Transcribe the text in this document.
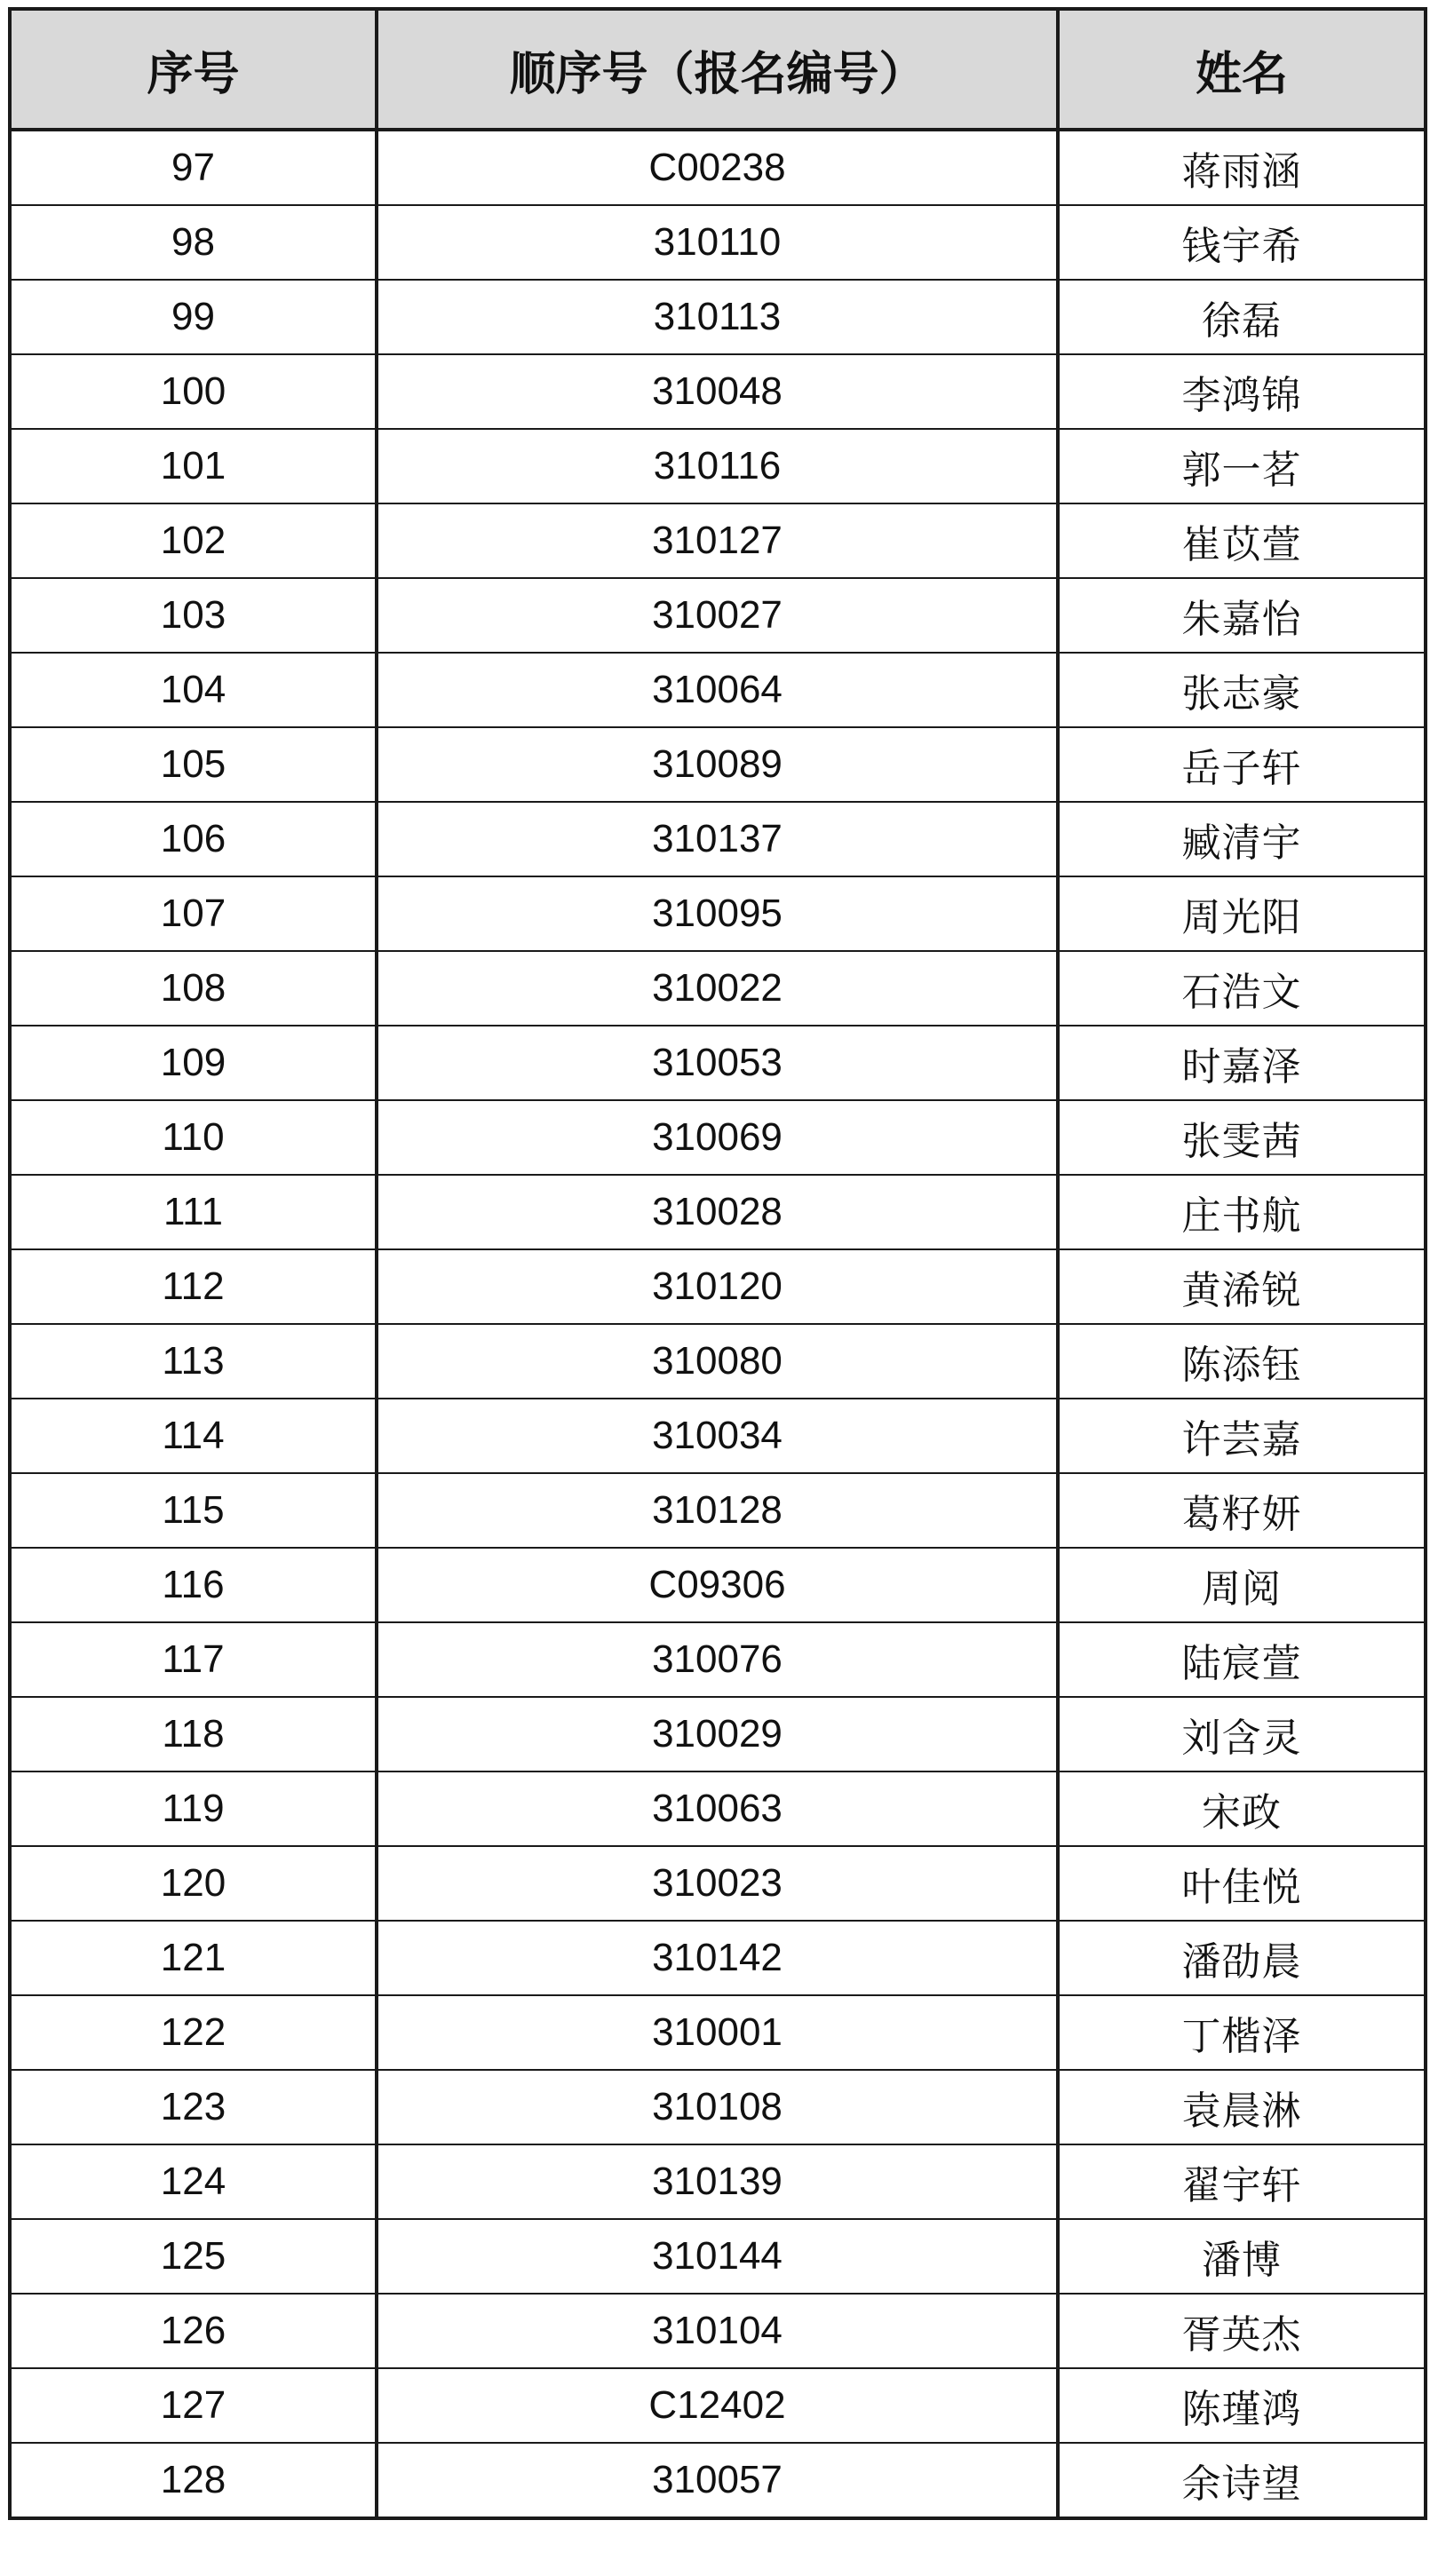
序号	顺序号（报名编号）	姓名
97	C00238	蒋雨涵
98	310110	钱宇希
99	310113	徐磊
100	310048	李鸿锦
101	310116	郭一茗
102	310127	崔苡萱
103	310027	朱嘉怡
104	310064	张志豪
105	310089	岳子轩
106	310137	臧清宇
107	310095	周光阳
108	310022	石浩文
109	310053	时嘉泽
110	310069	张雯茜
111	310028	庄书航
112	310120	黄浠锐
113	310080	陈添钰
114	310034	许芸嘉
115	310128	葛籽妍
116	C09306	周阅
117	310076	陆宸萱
118	310029	刘含灵
119	310063	宋政
120	310023	叶佳悦
121	310142	潘劭晨
122	310001	丁楷泽
123	310108	袁晨淋
124	310139	翟宇轩
125	310144	潘博
126	310104	胥英杰
127	C12402	陈瑾鸿
128	310057	余诗望
